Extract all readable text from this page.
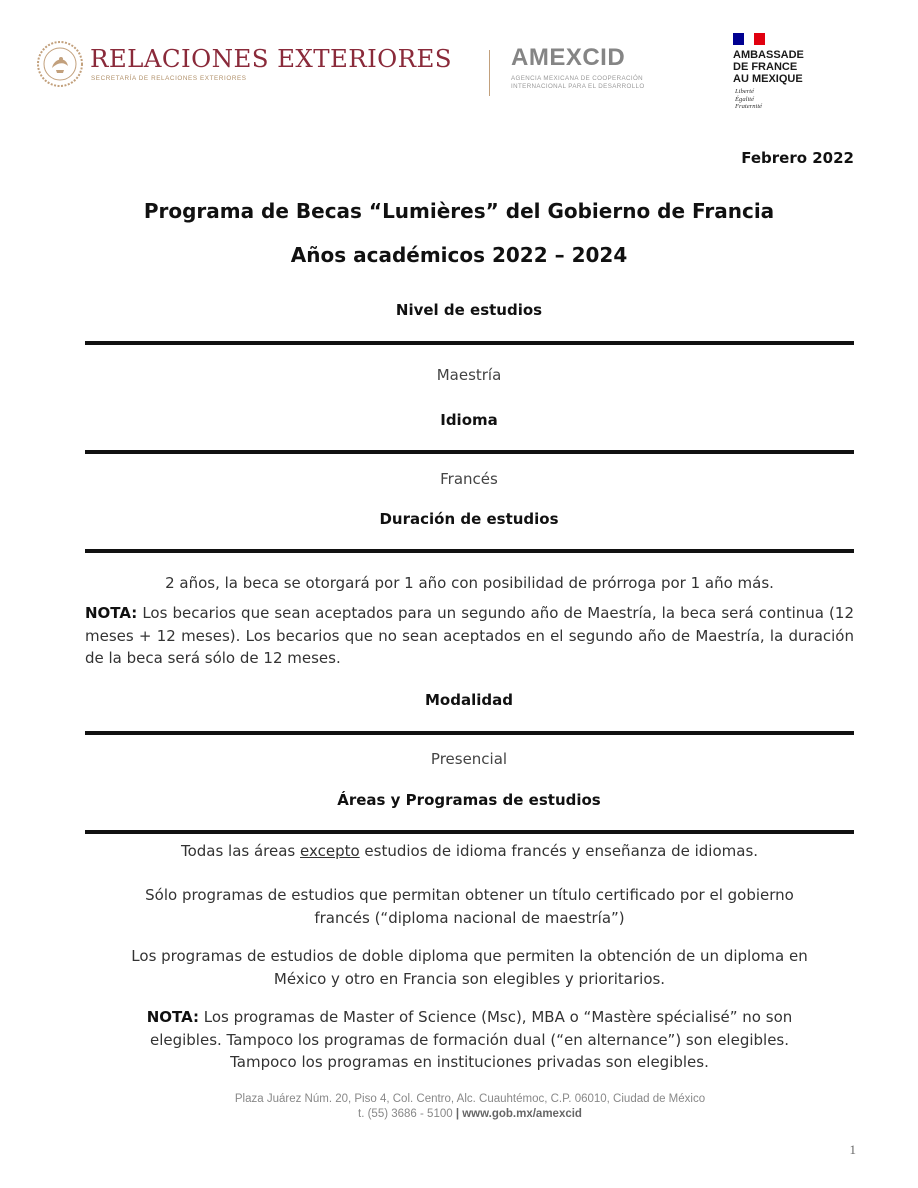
RELACIONES EXTERIORES
SECRETARÍA DE RELACIONES EXTERIORES
AMEXCID
AGENCIA MEXICANA DE COOPERACIÓN
INTERNACIONAL PARA EL DESARROLLO
AMBASSADE
DE FRANCE
AU MEXIQUE
Liberté
Égalité
Fraternité
Febrero 2022
Programa de Becas “Lumières” del Gobierno de Francia
Años académicos 2022 – 2024
Nivel de estudios
Maestría
Idioma
Francés
Duración de estudios
2 años, la beca se otorgará por 1 año con posibilidad de prórroga por 1 año más.
NOTA: Los becarios que sean aceptados para un segundo año de Maestría, la beca será continua (12 meses + 12 meses). Los becarios que no sean aceptados en el segundo año de Maestría, la duración de la beca será sólo de 12 meses.
Modalidad
Presencial
Áreas y Programas de estudios
Todas las áreas excepto estudios de idioma francés y enseñanza de idiomas.
Sólo programas de estudios que permitan obtener un título certificado por el gobierno
francés (“diploma nacional de maestría”)
Los programas de estudios de doble diploma que permiten la obtención de un diploma en
México y otro en Francia son elegibles y prioritarios.
NOTA: Los programas de Master of Science (Msc), MBA o “Mastère spécialisé” no son
elegibles. Tampoco los programas de formación dual (“en alternance”) son elegibles.
Tampoco los programas en instituciones privadas son elegibles.
Plaza Juárez Núm. 20, Piso 4, Col. Centro, Alc. Cuauhtémoc, C.P. 06010, Ciudad de México
t. (55) 3686 - 5100 | www.gob.mx/amexcid
1
